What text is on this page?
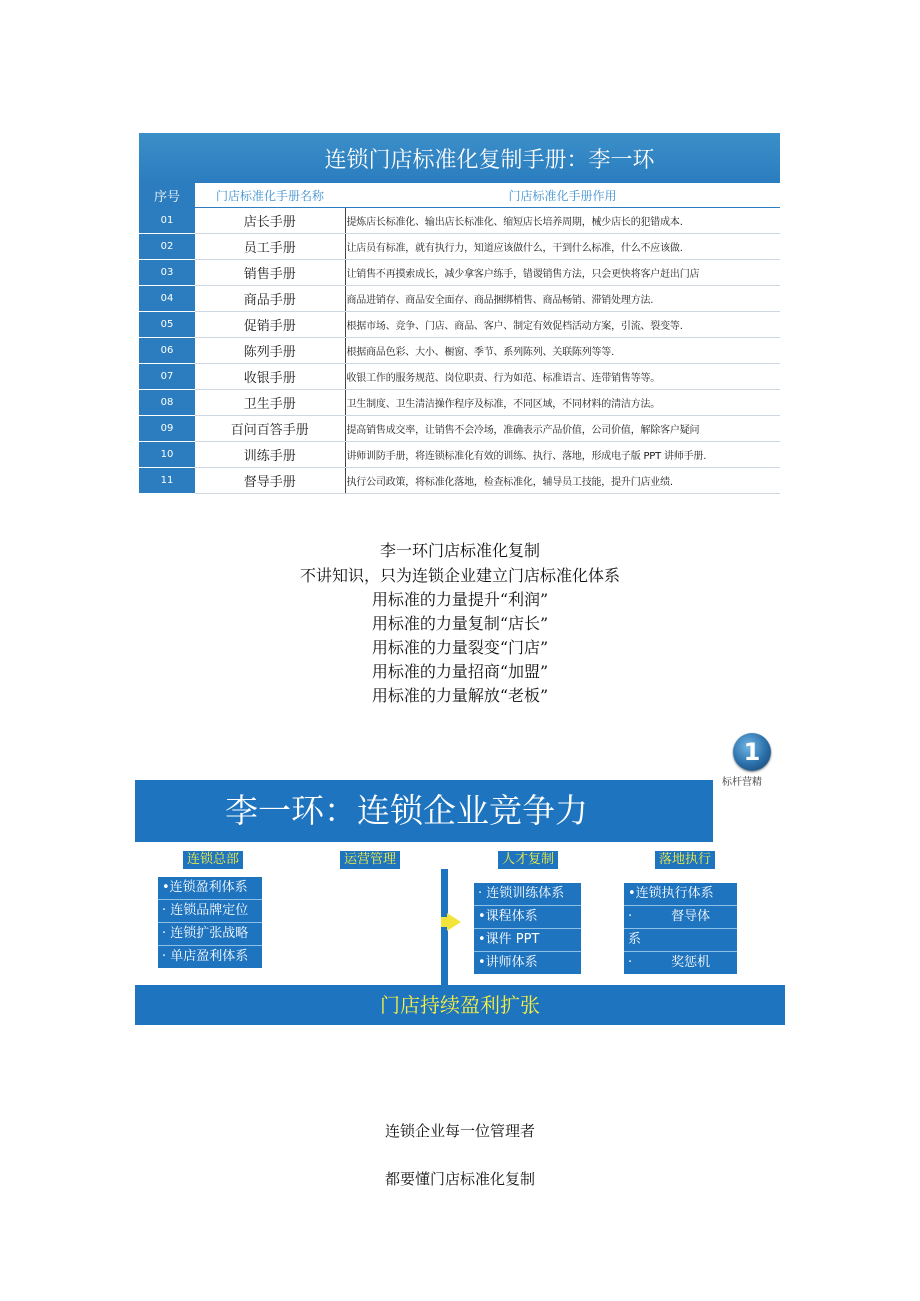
连锁门店标准化复制手册：李一环		
序号	门店标准化手册名称	门店标准化手册作用
01	店长手册	提炼店长标准化、输出店长标准化、缩短店长培养周期，械少店长的犯错成本.
02	员工手册	让店员有标准，就有执行力，知道应该做什么，干到什么标准，什么不应该做.
03	销售手册	让销售不再摸索成长，减少拿客户练手，错谡销售方法，只会更快将客户赶出门店
04	商品手册	商品进销存、商品安全面存、商品捆绑梢售、商品畅销、滞销处理方法.
05	促销手册	根据市场、竞争、门店、商品、客户、制定有效促档活动方案，引流、裂变等.
06	陈列手册	根据商品色彩、大小、橱窗、季节、系列陈列、关联陈列等等.
07	收银手册	收银工作的服务规范、岗位职责、行为如范、标准语言、连带销售等等。
08	卫生手册	卫生制度、卫生清洁操作程序及标准，不同区域，不同材料的清洁方法。
09	百问百答手册	提高销售成交率，让销售不会冷场，准确表示产品价值，公司价值，解除客户疑问
10	训练手册	讲师训防手册，将连锁标准化有效的训练、执行、落地，形成电子版 PPT 讲师手册.
11	督导手册	执行公司政策，将标准化落地，检查标准化，辅导员工技能，提升门店业绩.
李一环门店标准化复制
不讲知识，只为连锁企业建立门店标准化体系
用标准的力量提升“利润”
用标准的力量复制“店长”
用标准的力量裂变“门店”
用标准的力量招商“加盟”
用标准的力量解放“老板”
1
标杆营精
李一环：连锁企业竞争力
连锁总部	运营管理	人才复制	落地执行
•连锁盈利体系
· 连锁品牌定位
· 连锁扩张战略
· 单店盈利体系
· 连锁训练体系
•课程体系
•课件 PPT
•讲师体系
•连锁执行体系
·　　　督导体
系
·　　　奖惩机
门店持续盈利扩张
连锁企业每一位管理者
都要懂门店标准化复制
